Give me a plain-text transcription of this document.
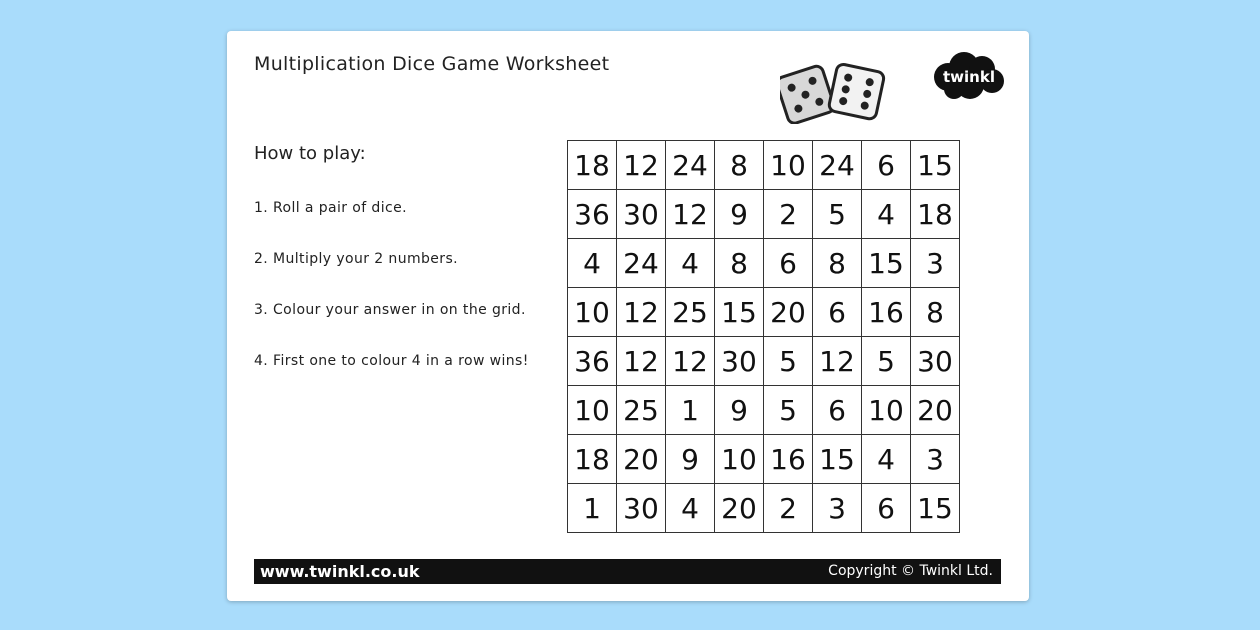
Multiplication Dice Game Worksheet
twinkl
How to play:
1. Roll a pair of dice.
2. Multiply your 2 numbers.
3. Colour your answer in on the grid.
4. First one to colour 4 in a row wins!
18	12	24	8	10	24	6	15
36	30	12	9	2	5	4	18
4	24	4	8	6	8	15	3
10	12	25	15	20	6	16	8
36	12	12	30	5	12	5	30
10	25	1	9	5	6	10	20
18	20	9	10	16	15	4	3
1	30	4	20	2	3	6	15
www.twinkl.co.uk	Copyright © Twinkl Ltd.
